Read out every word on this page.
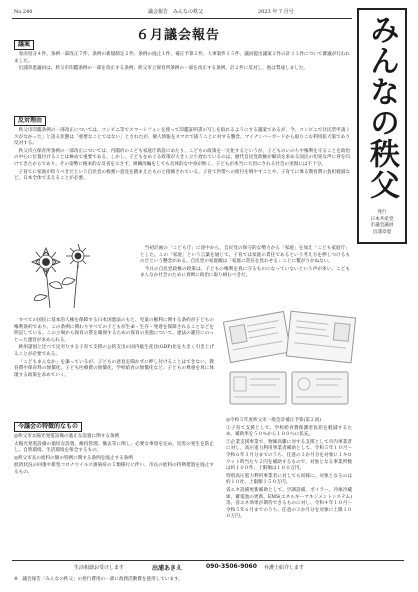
No.240	議会報告　みんなの秩父	2023 年 7 月号
みんなの秩父
発行
日本共産党
市議会議員
出浦章恵
６月議会報告
議案

専決処分４件、条例一部改正７件、条例の新規制定２件、条例の廃止１件、補正予算２件、人事案件１５件、議員提出議案２件の計３３件について審議が行われました。

出浦章恵議員は、秩父市印鑑条例の一部を改正する条例、秩父市立保育所条例の一部を改正する条例、計２件に反対し、他は賛成しました。

反対理由

秩父市印鑑条例の一部改正については、コンビニ等でスマートフォンを使って印鑑証明書の写しを取れるようにする議案であるが、今、コンビニで住民票申請ミスがなかった」と語る状態は「重要なことではない」とされたが、個人情報をスマホで扱うことに対する懸念、マイナンバーカードから取りこむ利用拡大策であり反対する。

秩父市立保育所条例の一部改正については、内閣府のこども家庭庁新設にあたり、こどもの政策を一元化するというが、子どものいのちや権利を守ることを政治の中心に位置付けることは極めて重要である。しかし、子どもをめぐる政策が大きく立ち遅れているのは、歴代自民党政権が解決を求める国民の切実な声に背を向けてきたからであり、その姿勢に根本的な反省を示さず、組織改編をしても具体的な中身が無く、子どもが本当に大切にされる社会の実現には不十分。

子育てに家庭が担うべきだという自民党の根強い意見を踏まえたものと指摘されている。子育て世帯への給付を増やすことや、子育てに係る教育費の負担軽減など、日本全体で支えることが必要。

当初計画の「こども庁」に途中から、自民党の保守的な勢力から「家庭」を加え「こども家庭庁」とした。この「家庭」という言葉を通じて、子育ては家庭の責任であるという考え方を押しつけるものだという懸念がある。自民党の家庭観は「家庭に責任を負わせる」ことに繋がりかねない。

今日の自民党政権の政策は、子どもの権利を真に守るものになっていないという声が多い。こどもまんなか社会のために真剣に政治に取り組むべきだ。

すべての国民に基本的人権を保障する日本国憲法のもと、児童の権利に関する条約が子どもの権利条約であり、この条例に関わりすべての子どもが生命・生存・発達を保障されることなどを明記している。この立場から保育の質を確保するための保育の実施について、憲法の趣旨にのっとった運営が求められる。

欧州諸国と比べて見劣りする子育て支援の公的支出の国内総生産比(GDP)比を大きく引き上げることが必要である。

「こどもまんなか」を謳っているが、子どもの意見を聞かずに押し付けることはできない。教育費や保育料の無償化、子ども医療費の無償化、学校給食の無償化など、子どもの尊重を真に体現する政策を求めていく。

今議会の特徴的なもの

◎秩父市太陽光発電設備の適正な設置に関する条例

太陽光発電設備の適切な設置、維持管理、撤去等に関し、必要な事項を定め、災害の発生を防止し、自然環境、生活環境を保全するもの。

◎秩父市長の給料の額の特例に関する条例を廃止する条例

経済状況の回復や新型コロナウイルス感染症の５類移行に伴い、市長の給料の特例措置を廃止するもの。

◎令和５年度秩父市一般会計補正予算(第２回)

①子育て支援として、学校給食費保護者負担を軽減するため、補助率を５０％から１００％に拡充。

②企業支援事業で、物価高騰に対する支援として市内事業者に対し、高圧電力利用事業者補助として、令和５年１０月〜令和６年３月分までのうち、任意の３か月分を対象に１キロワット時当たり２円を補助するもので、対象となる事業所数は約１００件、上限額は１００万円。

特別高圧電力利用事業者に対しても同様に、対象となるのは約１０社、上限額１５０万円。

省エネ設備更新補助として、空調設備、ボイラー、冷凍冷蔵庫、蓄電池の更新、EMS(エネルギーマネジメントシステム)等、省エネ効果が期待できるものに対し、令和４年１０月〜令和５年６月までのうち、任意の３か月分を対象に上限１００万円。

生活相談お受けします	出浦あきえ	090-3506-9060 弁護士紹介します
※　議会報告「みんなの秩父」の発行費用の一部に政務活動費を使用しています。
